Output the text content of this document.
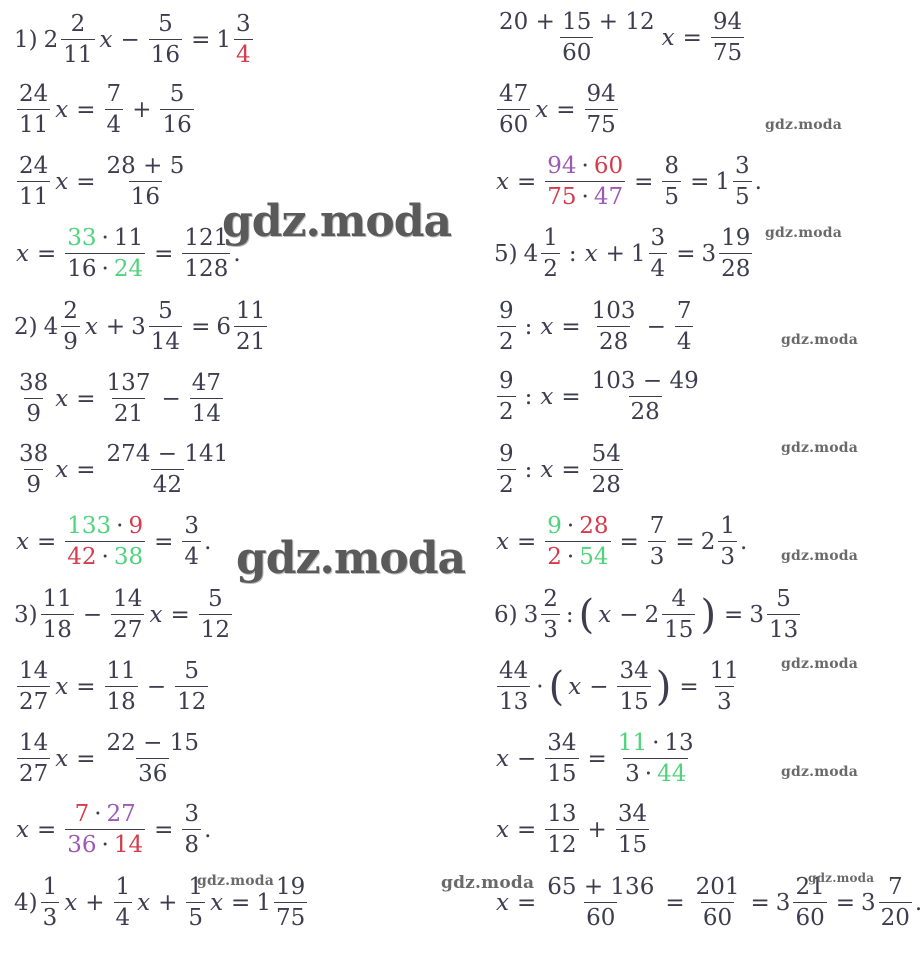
1) $2 \frac{2}{11}$ $x - \frac{5}{16} = 1 \frac{3}{4}$
$\frac{24}{11}$ $x = \frac{7}{4} + \frac{5}{16}$
$\frac{24}{11}$ $x = \frac{28 + 5}{16}$
$x = \frac{33 \cdot 11}{16 \cdot 24} = \frac{121}{128}$ .
2) $4 \frac{2}{9}$ $x + 3 \frac{5}{14} = 6 \frac{11}{21}$
$\frac{38}{9}$ $x = \frac{137}{21} - \frac{47}{14}$
$\frac{38}{9}$ $x = \frac{274 - 141}{42}$
$x = \frac{133 \cdot 9}{42 \cdot 38} = \frac{3}{4}$ .
$3) \frac{11}{18} - \frac{14}{27}$ $x = \frac{5}{12}$
$\frac{14}{27}$ $x = \frac{11}{18} - \frac{5}{12}$
$\frac{14}{27}$ $x = \frac{22 - 15}{36}$
$x = \frac{7 \cdot 27}{36 \cdot 14} = \frac{3}{8}$ .
$4) \frac{1}{3}$ $x + \frac{1}{4}$ $x + \frac{1}{5}$ $x = 1 \frac{19}{75}$
$\frac{20 + 15 + 12}{60}$ $x = \frac{94}{75}$
$\frac{47}{60}$ $x = \frac{94}{75}$
$x = \frac{94 \cdot 60}{75 \cdot 47} = \frac{8}{5} = 1 \frac{3}{5}$ .
5) $4 \frac{1}{2}$ : $x + 1 \frac{3}{4} = 3 \frac{19}{28}$
$\frac{9}{2}$ : $x = \frac{103}{28} - \frac{7}{4}$
$\frac{9}{2}$ : $x = \frac{103 - 49}{28}$
$\frac{9}{2}$ : $x = \frac{54}{28}$
$x = \frac{9 \cdot 28}{2 \cdot 54} = \frac{7}{3} = 2 \frac{1}{3}$ .
6) $3 \frac{2}{3}$ : ( $x - 2 \frac{4}{15}$ ) = $3 \frac{5}{13}$
$\frac{44}{13}$ · ( $x - \frac{34}{15}$ ) = $\frac{11}{3}$
$x - \frac{34}{15} = \frac{11 \cdot 13}{3 \cdot 44}$
$x = \frac{13}{12} + \frac{34}{15}$
$x = \frac{65 + 136}{60} = \frac{201}{60} = 3 \frac{21}{60} = 3 \frac{7}{20}$ .
gdz.moda
gdz.moda
gdz.moda
gdz.moda
gdz.moda
gdz.moda
gdz.moda
gdz.moda
gdz.moda
gdz.moda	gdz.moda	gdz.moda
